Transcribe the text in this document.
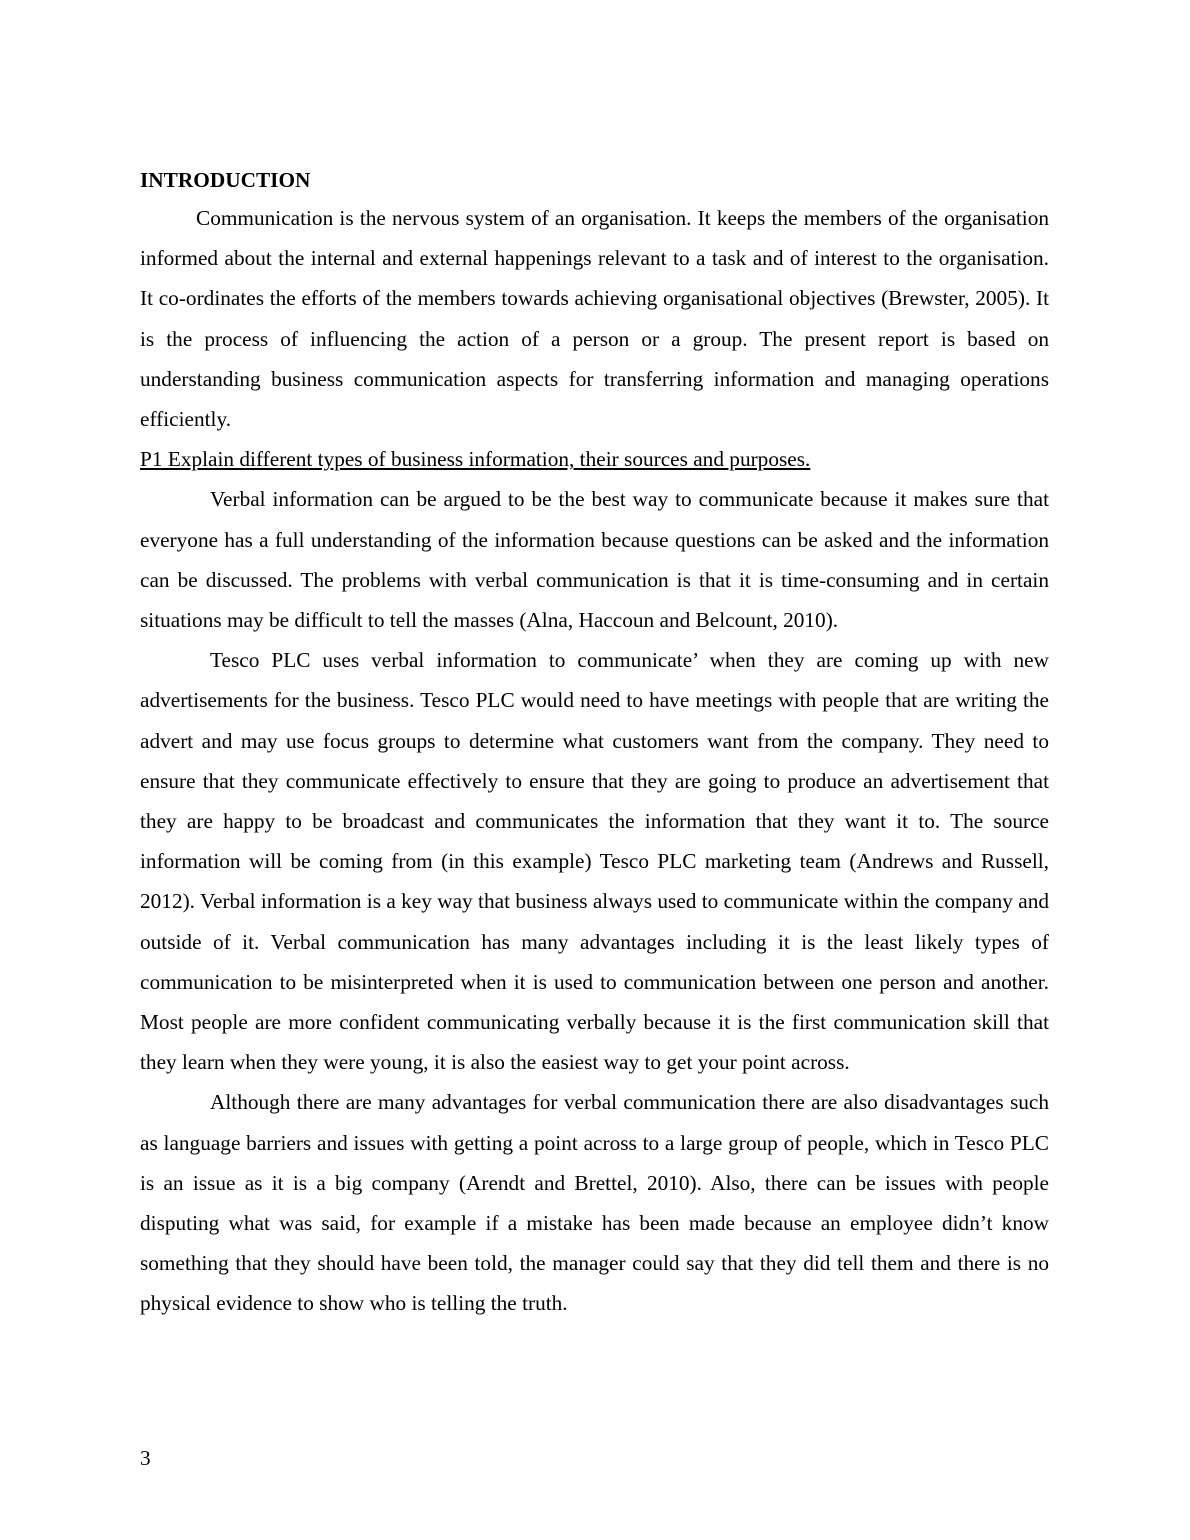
INTRODUCTION

Communication is the nervous system of an organisation. It keeps the members of the organisation informed about the internal and external happenings relevant to a task and of interest to the organisation. It co-ordinates the efforts of the members towards achieving organisational objectives (Brewster, 2005). It is the process of influencing the action of a person or a group. The present report is based on understanding business communication aspects for transferring information and managing operations efficiently.

P1 Explain different types of business information, their sources and purposes.

Verbal information can be argued to be the best way to communicate because it makes sure that everyone has a full understanding of the information because questions can be asked and the information can be discussed. The problems with verbal communication is that it is time-consuming and in certain situations may be difficult to tell the masses (Alna, Haccoun and Belcount, 2010).

Tesco PLC uses verbal information to communicate’ when they are coming up with new advertisements for the business. Tesco PLC would need to have meetings with people that are writing the advert and may use focus groups to determine what customers want from the company. They need to ensure that they communicate effectively to ensure that they are going to produce an advertisement that they are happy to be broadcast and communicates the information that they want it to. The source information will be coming from (in this example) Tesco PLC marketing team (Andrews and Russell, 2012). Verbal information is a key way that business always used to communicate within the company and outside of it. Verbal communication has many advantages including it is the least likely types of communication to be misinterpreted when it is used to communication between one person and another. Most people are more confident communicating verbally because it is the first communication skill that they learn when they were young, it is also the easiest way to get your point across.

Although there are many advantages for verbal communication there are also disadvantages such as language barriers and issues with getting a point across to a large group of people, which in Tesco PLC is an issue as it is a big company (Arendt and Brettel, 2010). Also, there can be issues with people disputing what was said, for example if a mistake has been made because an employee didn’t know something that they should have been told, the manager could say that they did tell them and there is no physical evidence to show who is telling the truth.

3
